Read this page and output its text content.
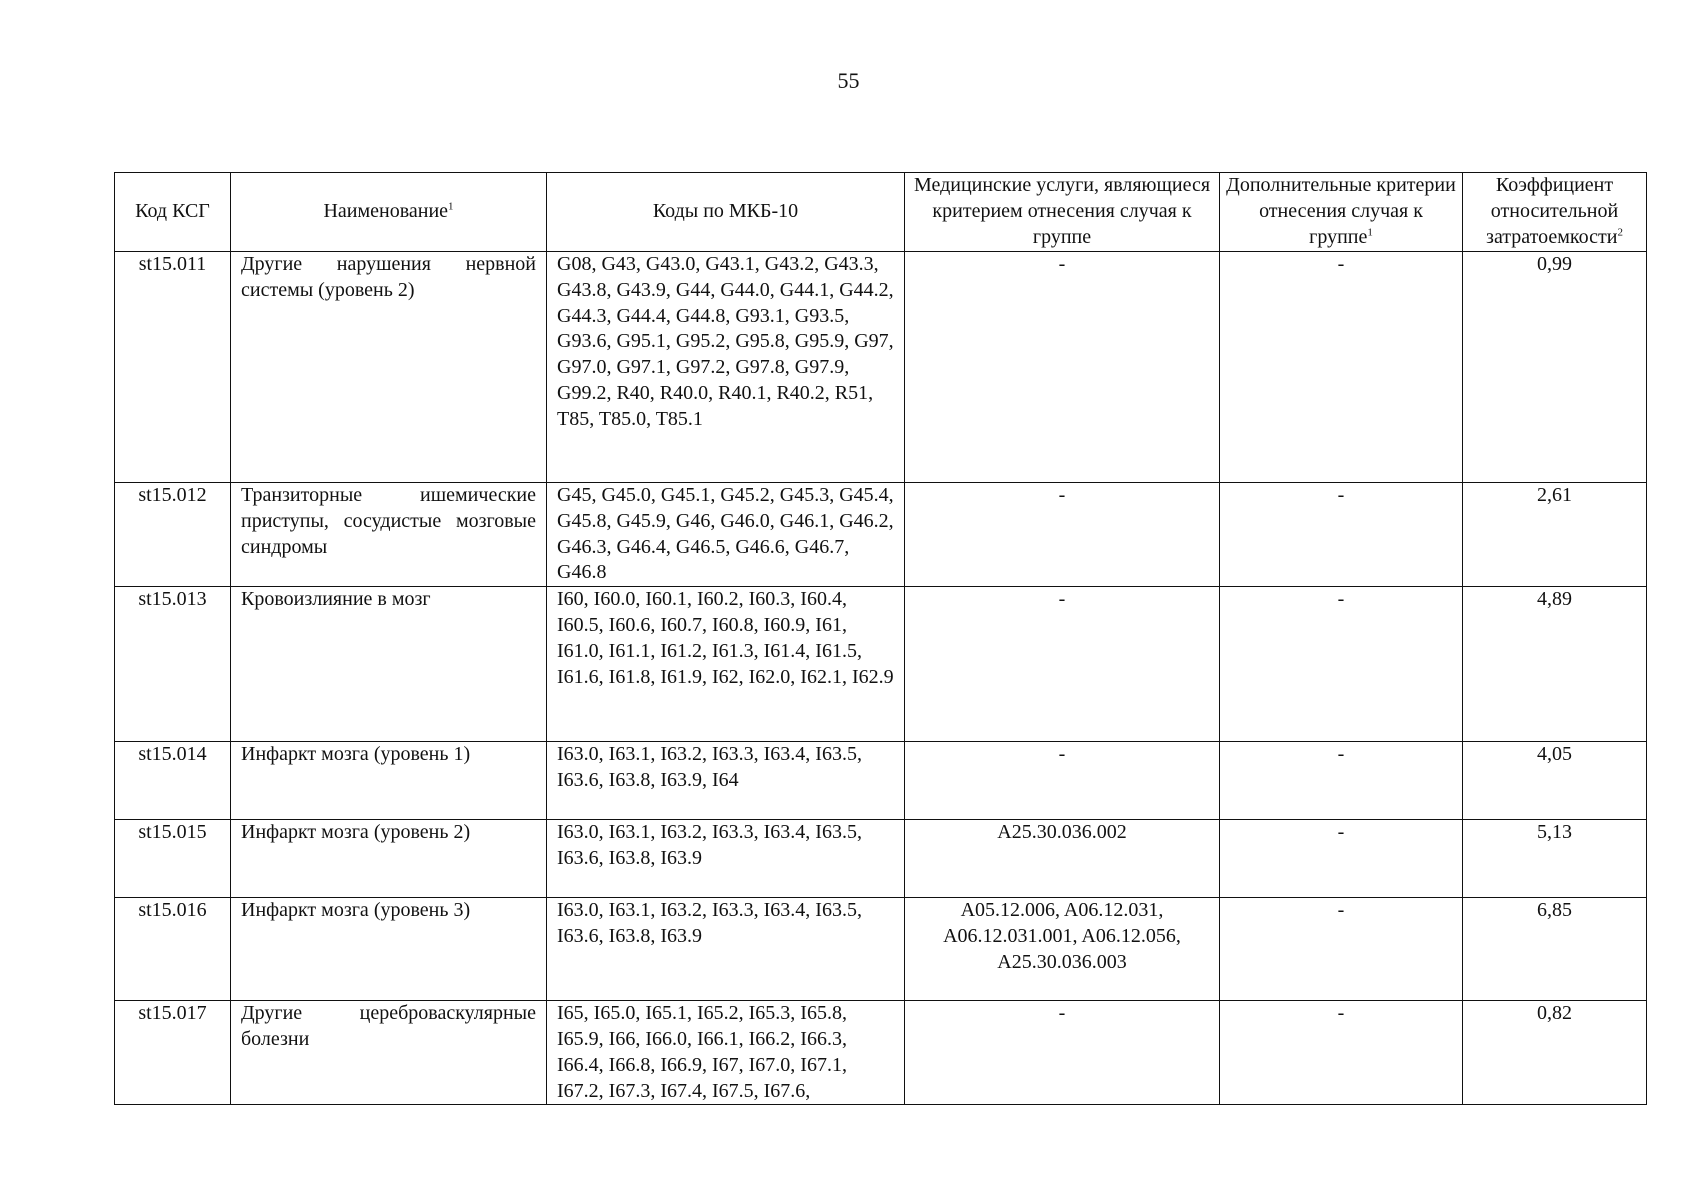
55
Код КСГ	Наименование$^1$	Коды по МКБ-10	Медицинские услуги, являющиеся критерием отнесения случая к группе	Дополнительные критерии отнесения случая к группе$^1$	Коэффициент относительной затратоемкости$^2$
st15.011	Другие нарушения нервной системы (уровень 2)	G08, G43, G43.0, G43.1, G43.2, G43.3, G43.8, G43.9, G44, G44.0, G44.1, G44.2, G44.3, G44.4, G44.8, G93.1, G93.5, G93.6, G95.1, G95.2, G95.8, G95.9, G97, G97.0, G97.1, G97.2, G97.8, G97.9, G99.2, R40, R40.0, R40.1, R40.2, R51, T85, T85.0, T85.1	-	-	0,99
st15.012	Транзиторные ишемические приступы, сосудистые мозговые синдромы	G45, G45.0, G45.1, G45.2, G45.3, G45.4, G45.8, G45.9, G46, G46.0, G46.1, G46.2, G46.3, G46.4, G46.5, G46.6, G46.7, G46.8	-	-	2,61
st15.013	Кровоизлияние в мозг	I60, I60.0, I60.1, I60.2, I60.3, I60.4, I60.5, I60.6, I60.7, I60.8, I60.9, I61, I61.0, I61.1, I61.2, I61.3, I61.4, I61.5, I61.6, I61.8, I61.9, I62, I62.0, I62.1, I62.9	-	-	4,89
st15.014	Инфаркт мозга (уровень 1)	I63.0, I63.1, I63.2, I63.3, I63.4, I63.5, I63.6, I63.8, I63.9, I64	-	-	4,05
st15.015	Инфаркт мозга (уровень 2)	I63.0, I63.1, I63.2, I63.3, I63.4, I63.5, I63.6, I63.8, I63.9	A25.30.036.002	-	5,13
st15.016	Инфаркт мозга (уровень 3)	I63.0, I63.1, I63.2, I63.3, I63.4, I63.5, I63.6, I63.8, I63.9	A05.12.006, A06.12.031, A06.12.031.001, A06.12.056, A25.30.036.003	-	6,85
st15.017	Другие цереброваскулярные болезни	I65, I65.0, I65.1, I65.2, I65.3, I65.8, I65.9, I66, I66.0, I66.1, I66.2, I66.3, I66.4, I66.8, I66.9, I67, I67.0, I67.1, I67.2, I67.3, I67.4, I67.5, I67.6,	-	-	0,82
